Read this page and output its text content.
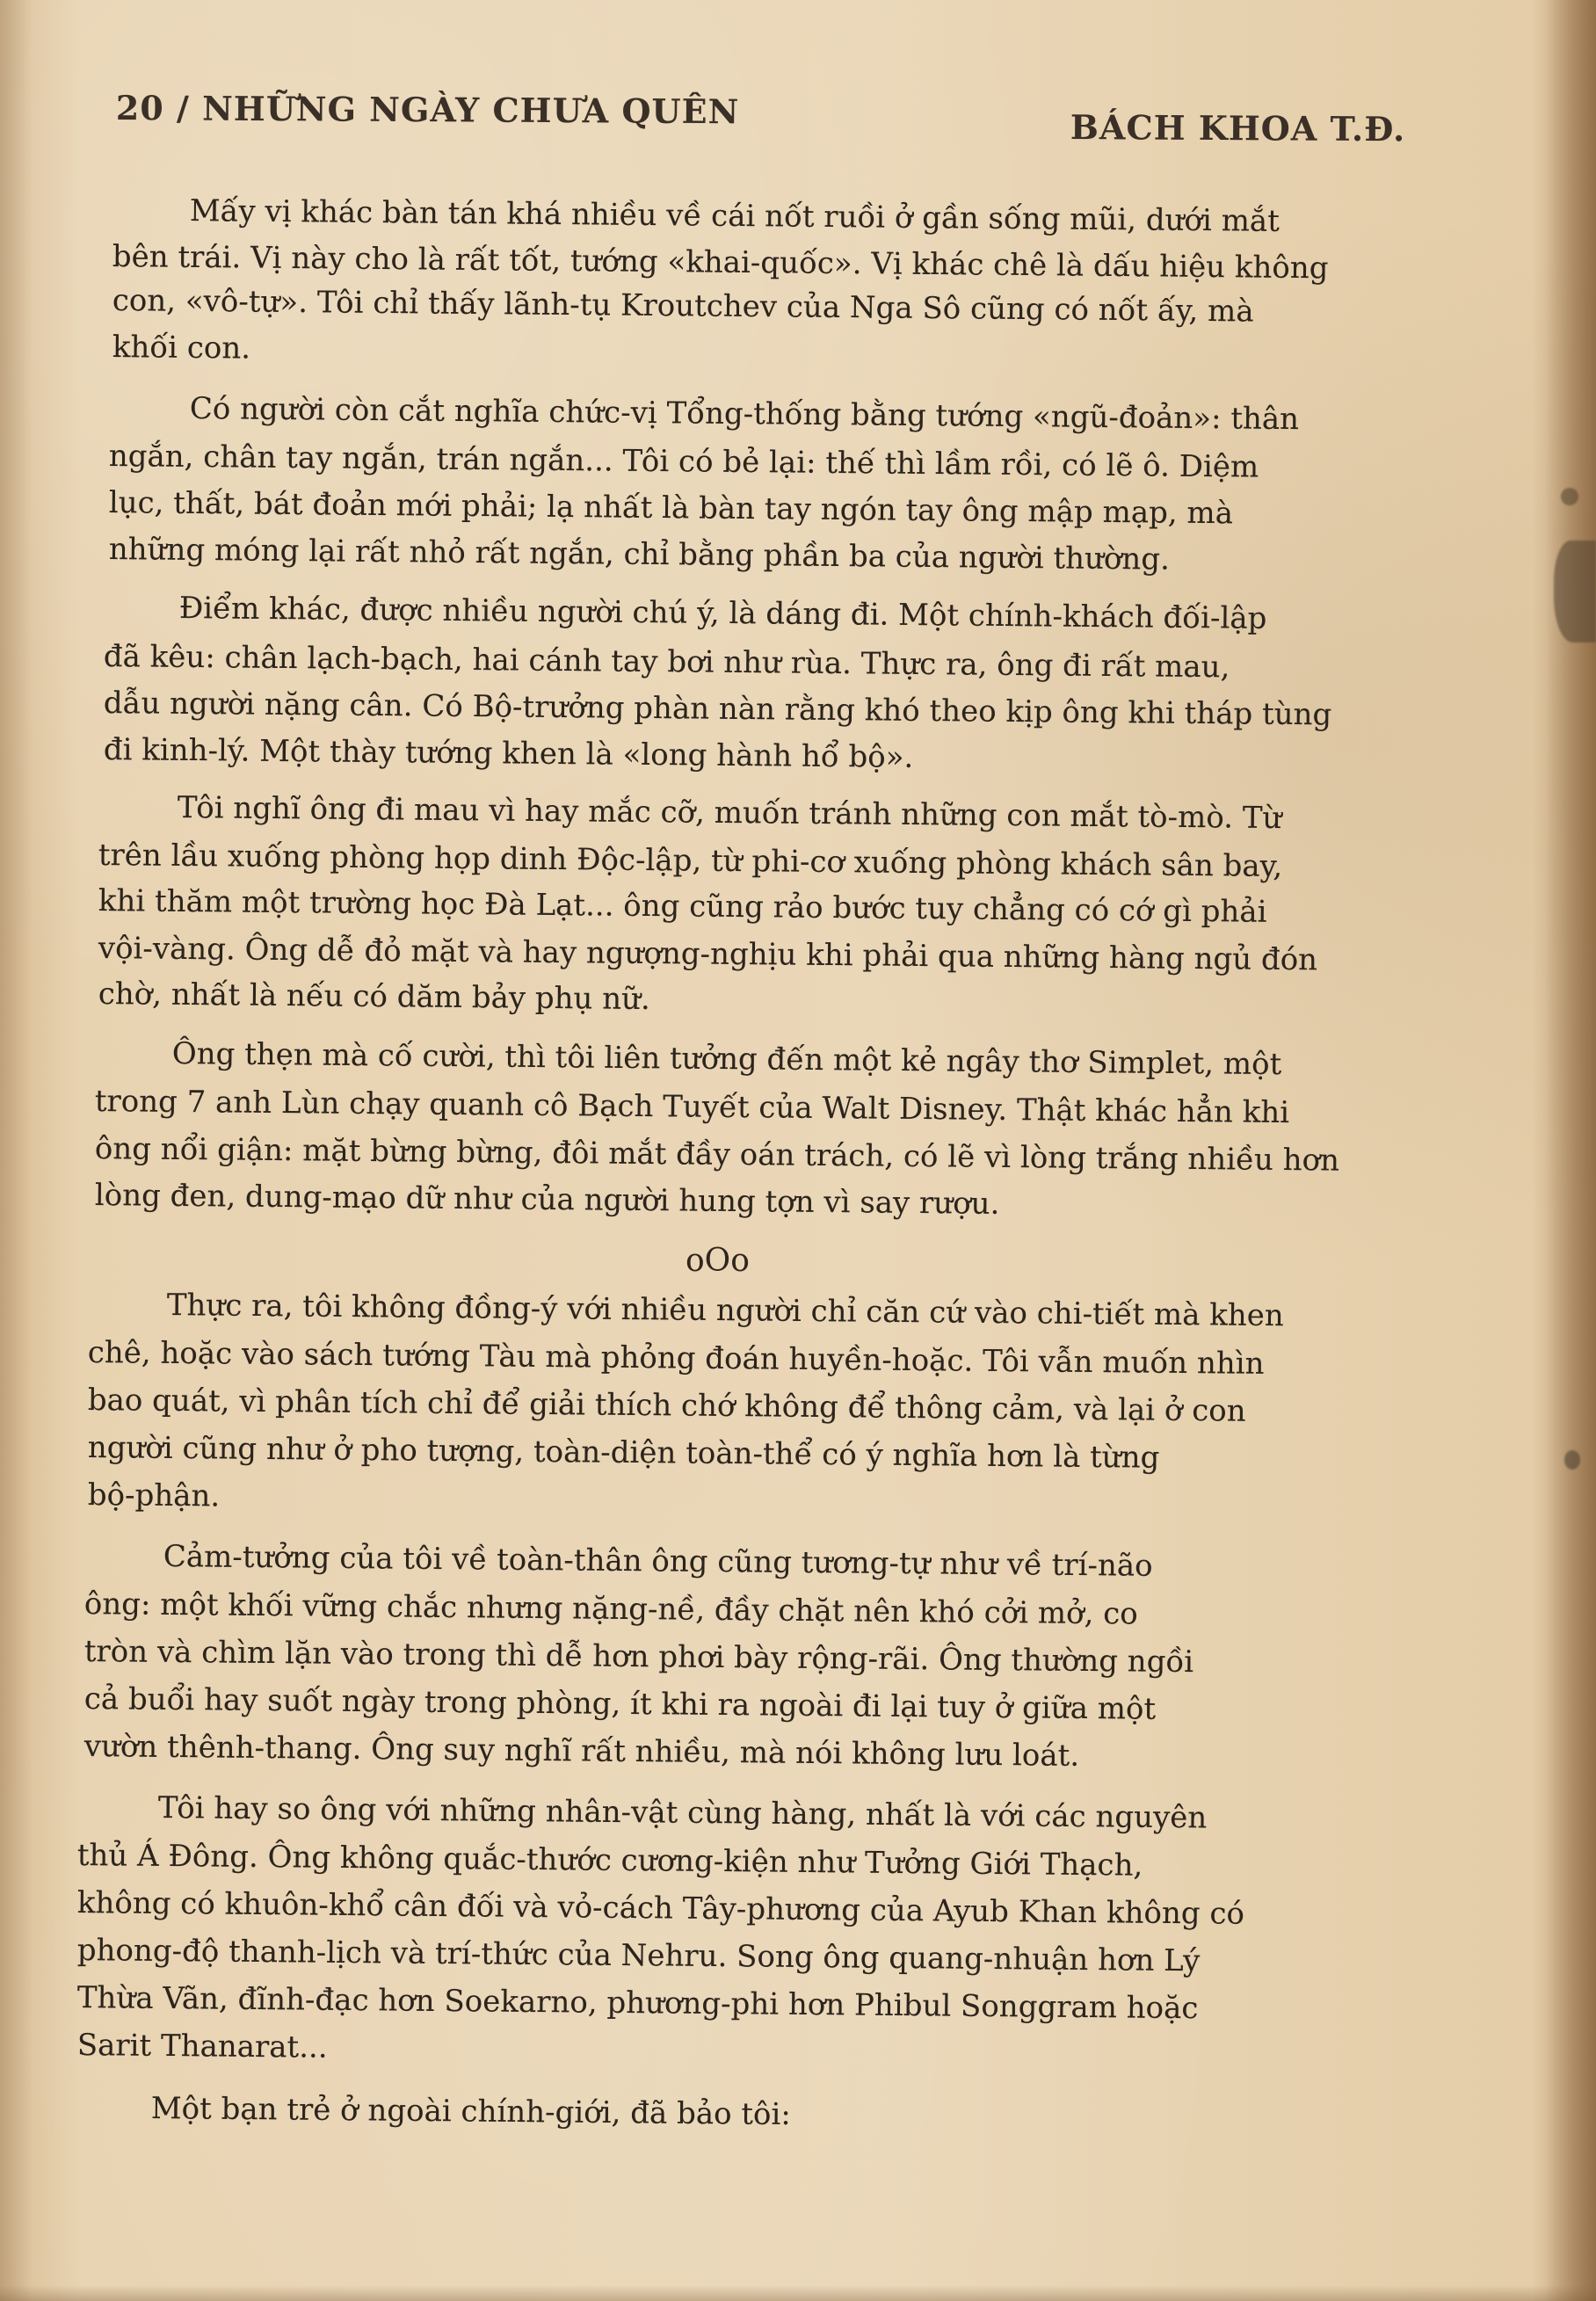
20 / NHỮNG NGÀY CHƯA QUÊN	BÁCH KHOA T.Đ.
Mấy vị khác bàn tán khá nhiều về cái nốt ruồi ở gần sống mũi, dưới mắt
bên trái. Vị này cho là rất tốt, tướng «khai-quốc». Vị khác chê là dấu hiệu không
con, «vô-tự». Tôi chỉ thấy lãnh-tụ Kroutchev của Nga Sô cũng có nốt ấy, mà
khối con.
Có người còn cắt nghĩa chức-vị Tổng-thống bằng tướng «ngũ-đoản»: thân
ngắn, chân tay ngắn, trán ngắn... Tôi có bẻ lại: thế thì lầm rồi, có lẽ ô. Diệm
lục, thất, bát đoản mới phải; lạ nhất là bàn tay ngón tay ông mập mạp, mà
những móng lại rất nhỏ rất ngắn, chỉ bằng phần ba của người thường.
Điểm khác, được nhiều người chú ý, là dáng đi. Một chính-khách đối-lập
đã kêu: chân lạch-bạch, hai cánh tay bơi như rùa. Thực ra, ông đi rất mau,
dẫu người nặng cân. Có Bộ-trưởng phàn nàn rằng khó theo kịp ông khi tháp tùng
đi kinh-lý. Một thày tướng khen là «long hành hổ bộ».
Tôi nghĩ ông đi mau vì hay mắc cỡ, muốn tránh những con mắt tò-mò. Từ
trên lầu xuống phòng họp dinh Độc-lập, từ phi-cơ xuống phòng khách sân bay,
khi thăm một trường học Đà Lạt... ông cũng rảo bước tuy chẳng có cớ gì phải
vội-vàng. Ông dễ đỏ mặt và hay ngượng-nghịu khi phải qua những hàng ngủ đón
chờ, nhất là nếu có dăm bảy phụ nữ.
Ông thẹn mà cố cười, thì tôi liên tưởng đến một kẻ ngây thơ Simplet, một
trong 7 anh Lùn chạy quanh cô Bạch Tuyết của Walt Disney. Thật khác hẳn khi
ông nổi giận: mặt bừng bừng, đôi mắt đầy oán trách, có lẽ vì lòng trắng nhiều hơn
lòng đen, dung-mạo dữ như của người hung tợn vì say rượu.
oOo
Thực ra, tôi không đồng-ý với nhiều người chỉ căn cứ vào chi-tiết mà khen
chê, hoặc vào sách tướng Tàu mà phỏng đoán huyền-hoặc. Tôi vẫn muốn nhìn
bao quát, vì phân tích chỉ để giải thích chớ không để thông cảm, và lại ở con
người cũng như ở pho tượng, toàn-diện toàn-thể có ý nghĩa hơn là từng
bộ-phận.
Cảm-tưởng của tôi về toàn-thân ông cũng tương-tự như về trí-não
ông: một khối vững chắc nhưng nặng-nề, đầy chặt nên khó cởi mở, co
tròn và chìm lặn vào trong thì dễ hơn phơi bày rộng-rãi. Ông thường ngồi
cả buổi hay suốt ngày trong phòng, ít khi ra ngoài đi lại tuy ở giữa một
vườn thênh-thang. Ông suy nghĩ rất nhiều, mà nói không lưu loát.
Tôi hay so ông với những nhân-vật cùng hàng, nhất là với các nguyên
thủ Á Đông. Ông không quắc-thước cương-kiện như Tưởng Giới Thạch,
không có khuôn-khổ cân đối và vỏ-cách Tây-phương của Ayub Khan không có
phong-độ thanh-lịch và trí-thức của Nehru. Song ông quang-nhuận hơn Lý
Thừa Vãn, đĩnh-đạc hơn Soekarno, phương-phi hơn Phibul Songgram hoặc
Sarit Thanarat...
Một bạn trẻ ở ngoài chính-giới, đã bảo tôi:
